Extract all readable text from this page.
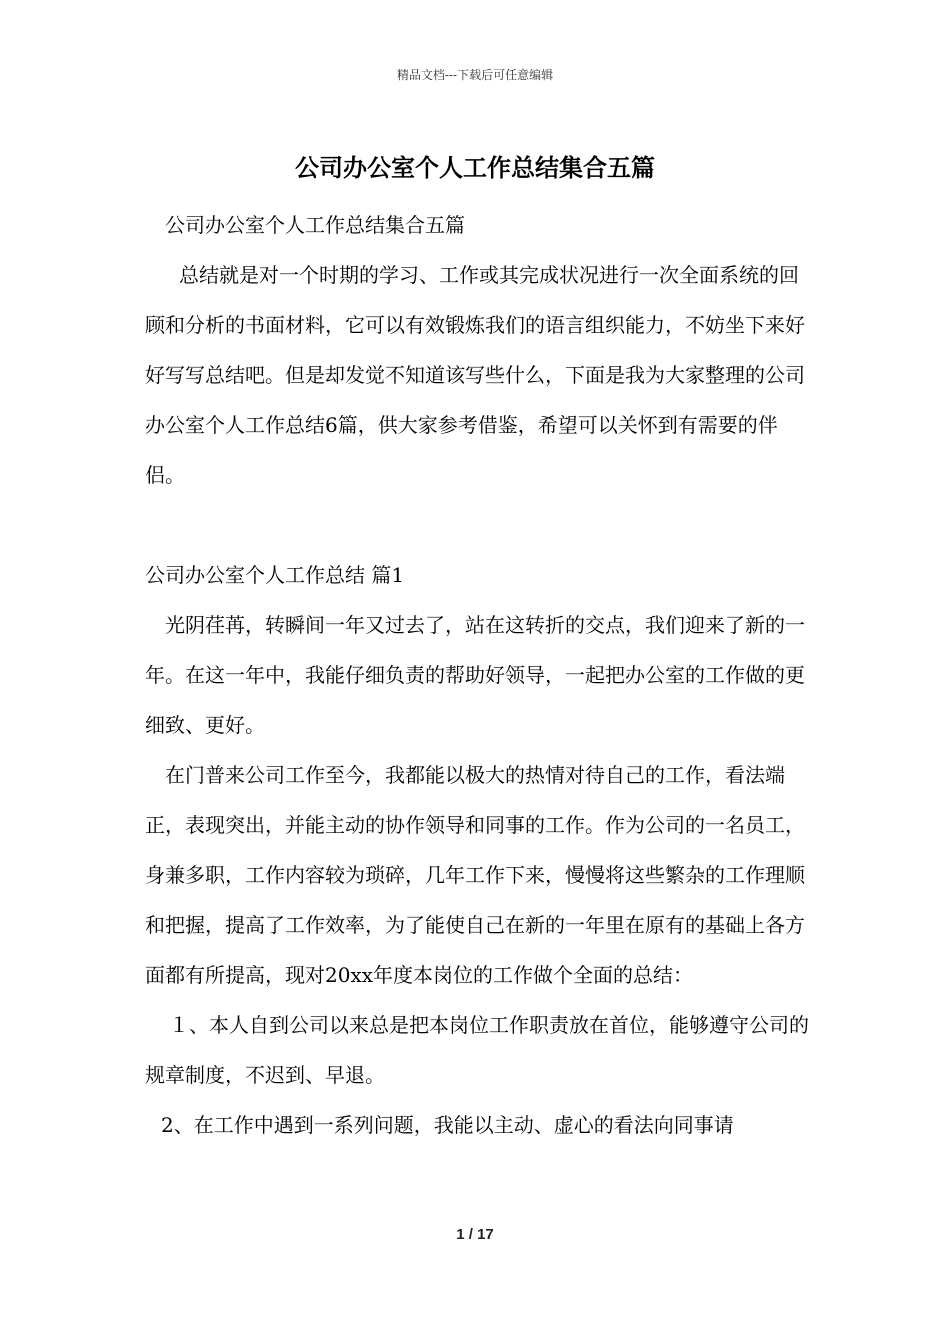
精品文档---下载后可任意编辑
公司办公室个人工作总结集合五篇

公司办公室个人工作总结集合五篇

总结就是对一个时期的学习、工作或其完成状况进行一次全面系统的回顾和分析的书面材料，它可以有效锻炼我们的语言组织能力，不妨坐下来好好写写总结吧。但是却发觉不知道该写些什么，下面是我为大家整理的公司办公室个人工作总结6篇，供大家参考借鉴，希望可以关怀到有需要的伴侣。

公司办公室个人工作总结 篇1

光阴荏苒，转瞬间一年又过去了，站在这转折的交点，我们迎来了新的一年。在这一年中，我能仔细负责的帮助好领导，一起把办公室的工作做的更细致、更好。

在门普来公司工作至今，我都能以极大的热情对待自己的工作，看法端正，表现突出，并能主动的协作领导和同事的工作。作为公司的一名员工，身兼多职，工作内容较为琐碎，几年工作下来，慢慢将这些繁杂的工作理顺和把握，提高了工作效率，为了能使自己在新的一年里在原有的基础上各方面都有所提高，现对20xx年度本岗位的工作做个全面的总结：

１、本人自到公司以来总是把本岗位工作职责放在首位，能够遵守公司的规章制度，不迟到、早退。

2、在工作中遇到一系列问题，我能以主动、虚心的看法向同事请

1 / 17
